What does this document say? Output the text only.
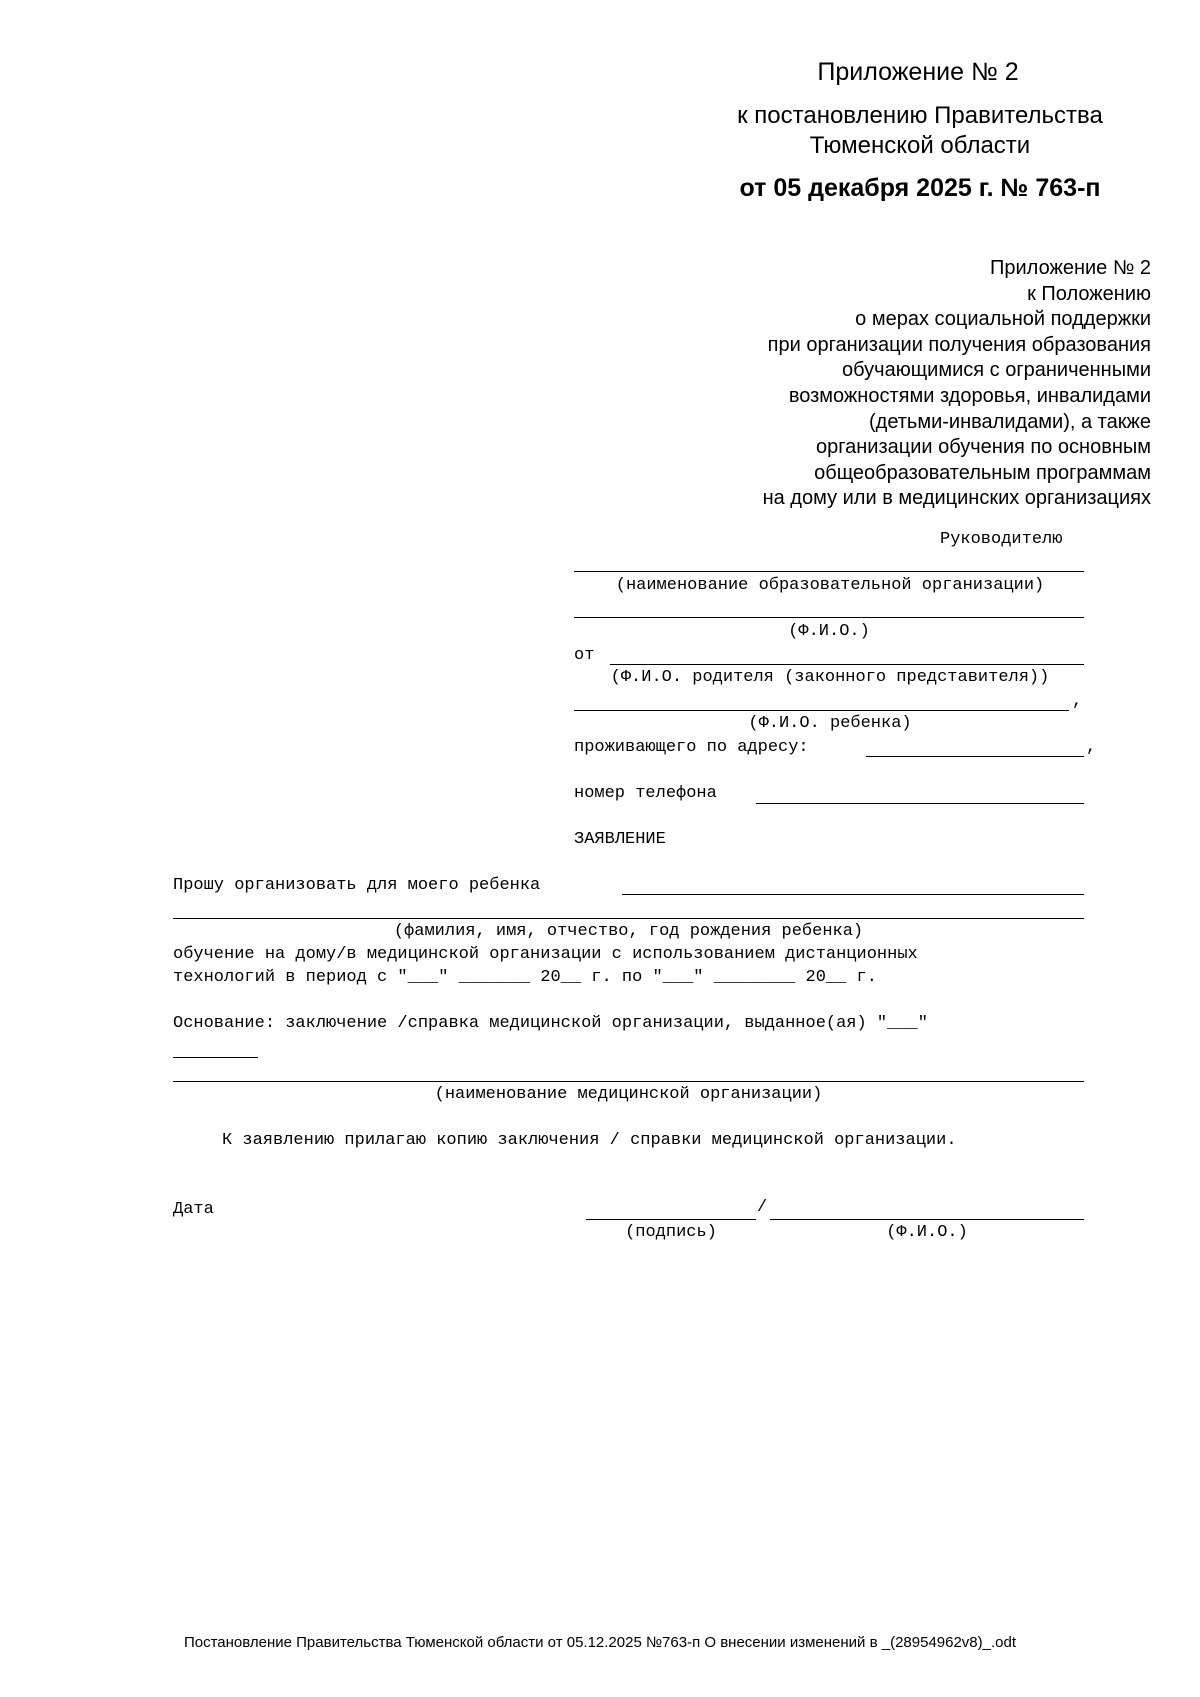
Приложение № 2
к постановлению Правительства
Тюменской области
от 05 декабря 2025 г. № 763-п
Приложение № 2
к Положению
о мерах социальной поддержки
при организации получения образования
обучающимися с ограниченными
возможностями здоровья, инвалидами
(детьми-инвалидами), а также
организации обучения по основным
общеобразовательным программам
на дому или в медицинских организациях
Руководителю
(наименование образовательной организации)
(Ф.И.О.)
от
(Ф.И.О. родителя (законного представителя))
,
(Ф.И.О. ребенка)
проживающего по адресу:	,
номер телефона
ЗАЯВЛЕНИЕ
Прошу организовать для моего ребенка
(фамилия, имя, отчество, год рождения ребенка)
обучение на дому/в медицинской организации с использованием дистанционных
технологий в период с "___" _______ 20__ г. по "___" ________ 20__ г.
Основание: заключение /справка медицинской организации, выданное(ая) "___"
(наименование медицинской организации)
К заявлению прилагаю копию заключения / справки медицинской организации.
Дата	/
(подпись)	(Ф.И.О.)
Постановление Правительства Тюменской области от 05.12.2025 №763-п О внесении изменений в _(28954962v8)_.odt
